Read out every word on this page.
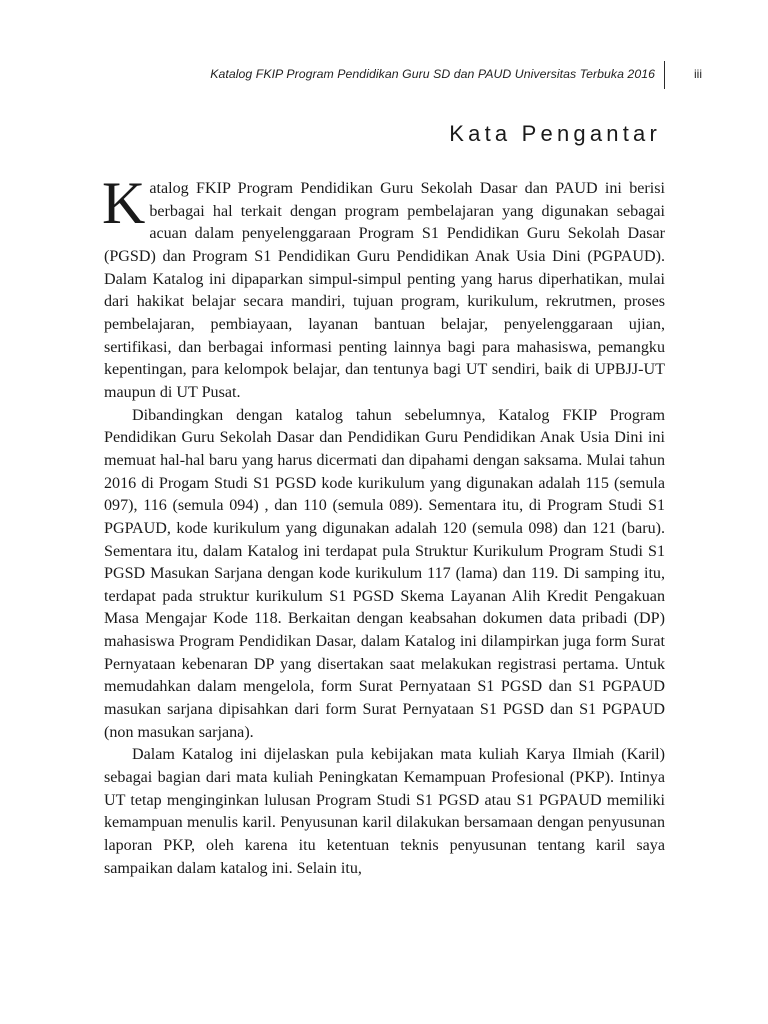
Katalog FKIP Program Pendidikan Guru SD dan PAUD Universitas Terbuka 2016	iii
Kata Pengantar

Katalog FKIP Program Pendidikan Guru Sekolah Dasar dan PAUD ini berisi berbagai hal terkait dengan program pembelajaran yang digunakan sebagai acuan dalam penyelenggaraan Program S1 Pendidikan Guru Sekolah Dasar (PGSD) dan Program S1 Pendidikan Guru Pendidikan Anak Usia Dini (PGPAUD). Dalam Katalog ini dipaparkan simpul-simpul penting yang harus diperhatikan, mulai dari hakikat belajar secara mandiri, tujuan program, kurikulum, rekrutmen, proses pembelajaran, pembiayaan, layanan bantuan belajar, penyelenggaraan ujian, sertifikasi, dan berbagai informasi penting lainnya bagi para mahasiswa, pemangku kepentingan, para kelompok belajar, dan tentunya bagi UT sendiri, baik di UPBJJ-UT maupun di UT Pusat.

Dibandingkan dengan katalog tahun sebelumnya, Katalog FKIP Program Pendidikan Guru Sekolah Dasar dan Pendidikan Guru Pendidikan Anak Usia Dini ini memuat hal-hal baru yang harus dicermati dan dipahami dengan saksama. Mulai tahun 2016 di Progam Studi S1 PGSD kode kurikulum yang digunakan adalah 115 (semula 097), 116 (semula 094) , dan 110 (semula 089). Sementara itu, di Program Studi S1 PGPAUD, kode kurikulum yang digunakan adalah 120 (semula 098) dan 121 (baru). Sementara itu, dalam Katalog ini terdapat pula Struktur Kurikulum Program Studi S1 PGSD Masukan Sarjana dengan kode kurikulum 117 (lama) dan 119. Di samping itu, terdapat pada struktur kurikulum S1 PGSD Skema Layanan Alih Kredit Pengakuan Masa Mengajar Kode 118. Berkaitan dengan keabsahan dokumen data pribadi (DP) mahasiswa Program Pendidikan Dasar, dalam Katalog ini dilampirkan juga form Surat Pernyataan kebenaran DP yang disertakan saat melakukan registrasi pertama. Untuk memudahkan dalam mengelola, form Surat Pernyataan S1 PGSD dan S1 PGPAUD masukan sarjana dipisahkan dari form Surat Pernyataan S1 PGSD dan S1 PGPAUD (non masukan sarjana).

Dalam Katalog ini dijelaskan pula kebijakan mata kuliah Karya Ilmiah (Karil) sebagai bagian dari mata kuliah Peningkatan Kemampuan Profesional (PKP). Intinya UT tetap menginginkan lulusan Program Studi S1 PGSD atau S1 PGPAUD memiliki kemampuan menulis karil. Penyusunan karil dilakukan bersamaan dengan penyusunan laporan PKP, oleh karena itu ketentuan teknis penyusunan tentang karil saya sampaikan dalam katalog ini. Selain itu,
